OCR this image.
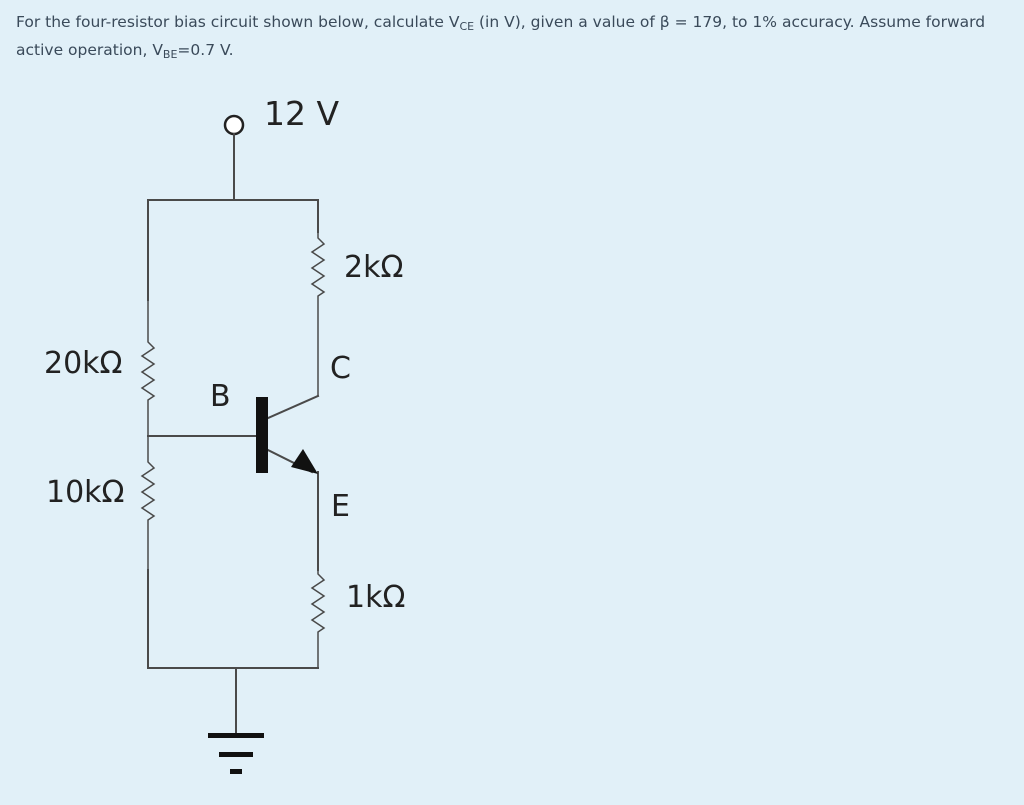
For the four-resistor bias circuit shown below, calculate $V_{CE}$ (in V), given a value of β = 179, to 1% accuracy. Assume forward active operation, $V_{BE}=0.7$ V.

12 V
2kΩ
20kΩ
10kΩ
1kΩ
B
C
E
